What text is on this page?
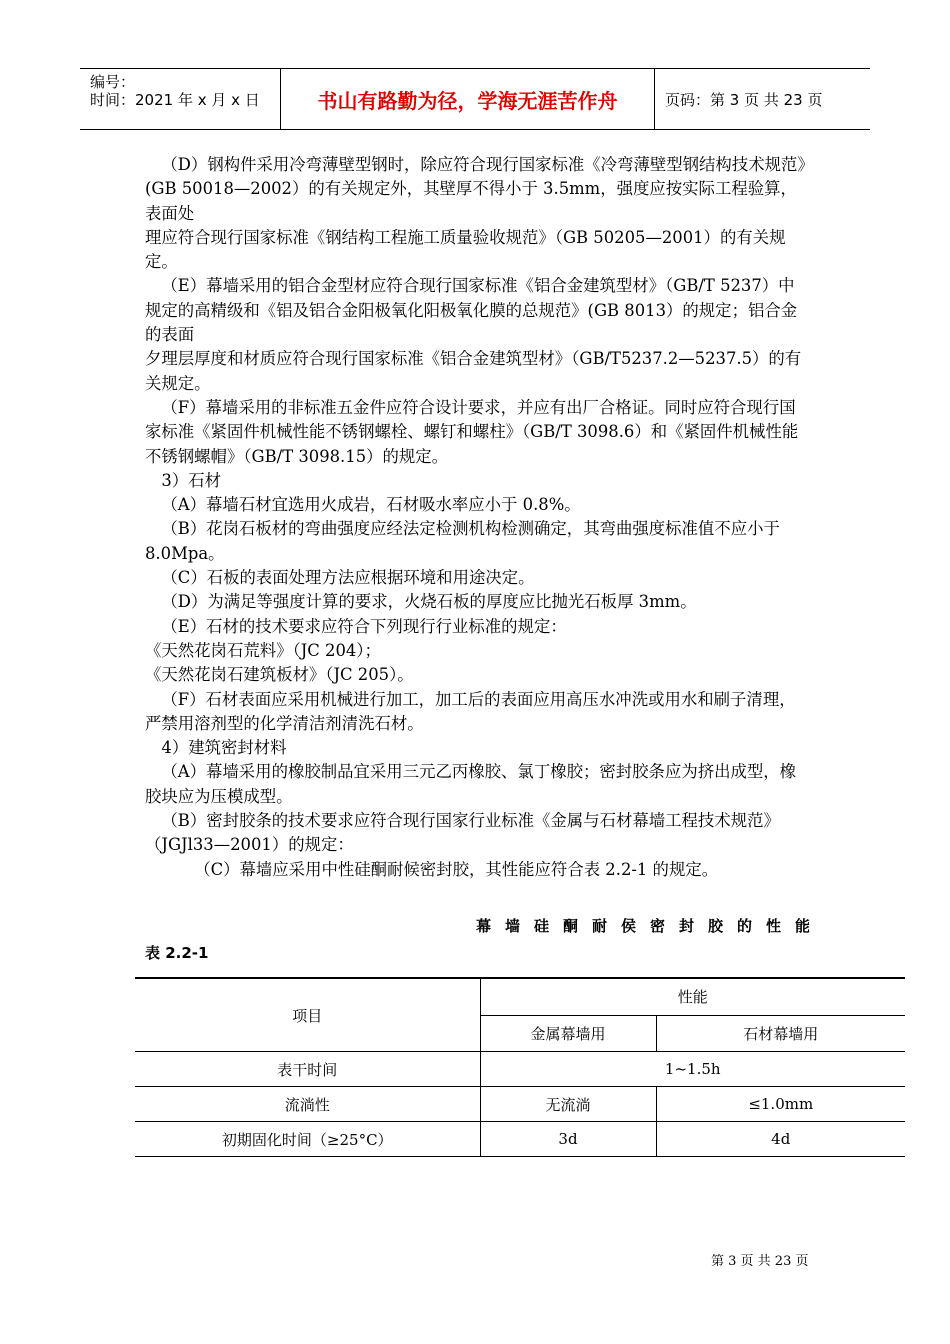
编号：
时间：2021 年 x 月 x 日	书山有路勤为径，学海无涯苦作舟	页码：第 3 页 共 23 页

（D）钢构件采用冷弯薄壁型钢时，除应符合现行国家标准《冷弯薄壁型钢结构技术规范》(GB 50018—2002）的有关规定外，其壁厚不得小于 3.5mm，强度应按实际工程验算，表面处

理应符合现行国家标准《钢结构工程施工质量验收规范》（GB 50205—2001）的有关规定。

（E）幕墙采用的铝合金型材应符合现行国家标准《铝合金建筑型材》（GB/T 5237）中规定的高精级和《铝及铝合金阳极氧化阳极氧化膜的总规范》(GB 8013）的规定；铝合金的表面

夕理层厚度和材质应符合现行国家标准《铝合金建筑型材》（GB/T5237.2—5237.5）的有关规定。

（F）幕墙采用的非标准五金件应符合设计要求，并应有出厂合格证。同时应符合现行国家标准《紧固件机械性能不锈钢螺栓、螺钉和螺柱》（GB/T 3098.6）和《紧固件机械性能不锈钢螺帽》（GB/T 3098.15）的规定。

3）石材

（A）幕墙石材宜选用火成岩，石材吸水率应小于 0.8%。

（B）花岗石板材的弯曲强度应经法定检测机构检测确定，其弯曲强度标准值不应小于 8.0Mpa。

（C）石板的表面处理方法应根据环境和用途决定。

（D）为满足等强度计算的要求，火烧石板的厚度应比抛光石板厚 3mm。

（E）石材的技术要求应符合下列现行行业标准的规定：

《天然花岗石荒料》（JC 204）；

《天然花岗石建筑板材》（JC 205）。

（F）石材表面应采用机械进行加工，加工后的表面应用高压水冲洗或用水和刷子清理，严禁用溶剂型的化学清洁剂清洗石材。

4）建筑密封材料

（A）幕墙采用的橡胶制品宜采用三元乙丙橡胶、氯丁橡胶；密封胶条应为挤出成型，橡胶块应为压模成型。

（B）密封胶条的技术要求应符合现行国家行业标准《金属与石材幕墙工程技术规范》（JGJl33—2001）的规定：

（C）幕墙应采用中性硅酮耐候密封胶，其性能应符合表 2.2-1 的规定。

幕墙硅酮耐侯密封胶的性能
表 2.2-1
项目	性能	
	金属幕墙用	石材幕墙用
表干时间	1~1.5h	
流淌性	无流淌	≤1.0mm
初期固化时间（≥25°C）	3d	4d
第 3 页 共 23 页
